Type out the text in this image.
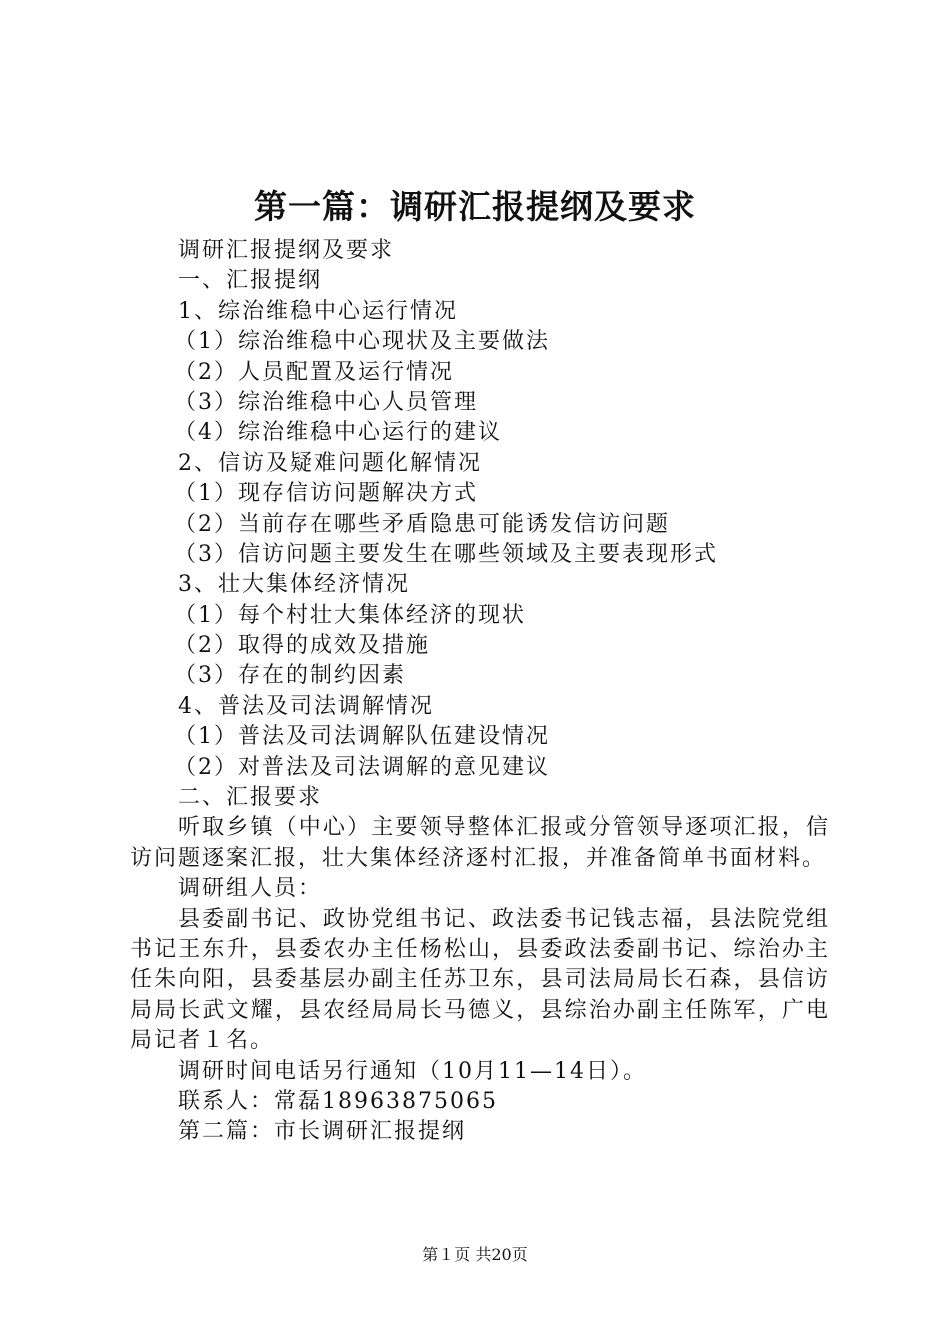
第一篇：调研汇报提纲及要求
调研汇报提纲及要求
一、汇报提纲
1、综治维稳中心运行情况
（1）综治维稳中心现状及主要做法
（2）人员配置及运行情况
（3）综治维稳中心人员管理
（4）综治维稳中心运行的建议
2、信访及疑难问题化解情况
（1）现存信访问题解决方式
（2）当前存在哪些矛盾隐患可能诱发信访问题
（3）信访问题主要发生在哪些领域及主要表现形式
3、壮大集体经济情况
（1）每个村壮大集体经济的现状
（2）取得的成效及措施
（3）存在的制约因素
4、普法及司法调解情况
（1）普法及司法调解队伍建设情况
（2）对普法及司法调解的意见建议
二、汇报要求
听取乡镇（中心）主要领导整体汇报或分管领导逐项汇报，信访问题逐案汇报，壮大集体经济逐村汇报，并准备简单书面材料。
调研组人员：
县委副书记、政协党组书记、政法委书记钱志福，县法院党组书记王东升，县委农办主任杨松山，县委政法委副书记、综治办主任朱向阳，县委基层办副主任苏卫东，县司法局局长石森，县信访局局长武文耀，县农经局局长马德义，县综治办副主任陈军，广电局记者１名。
调研时间电话另行通知（10月11—14日）。
联系人：常磊18963875065
第二篇：市长调研汇报提纲
第１页 共20页
